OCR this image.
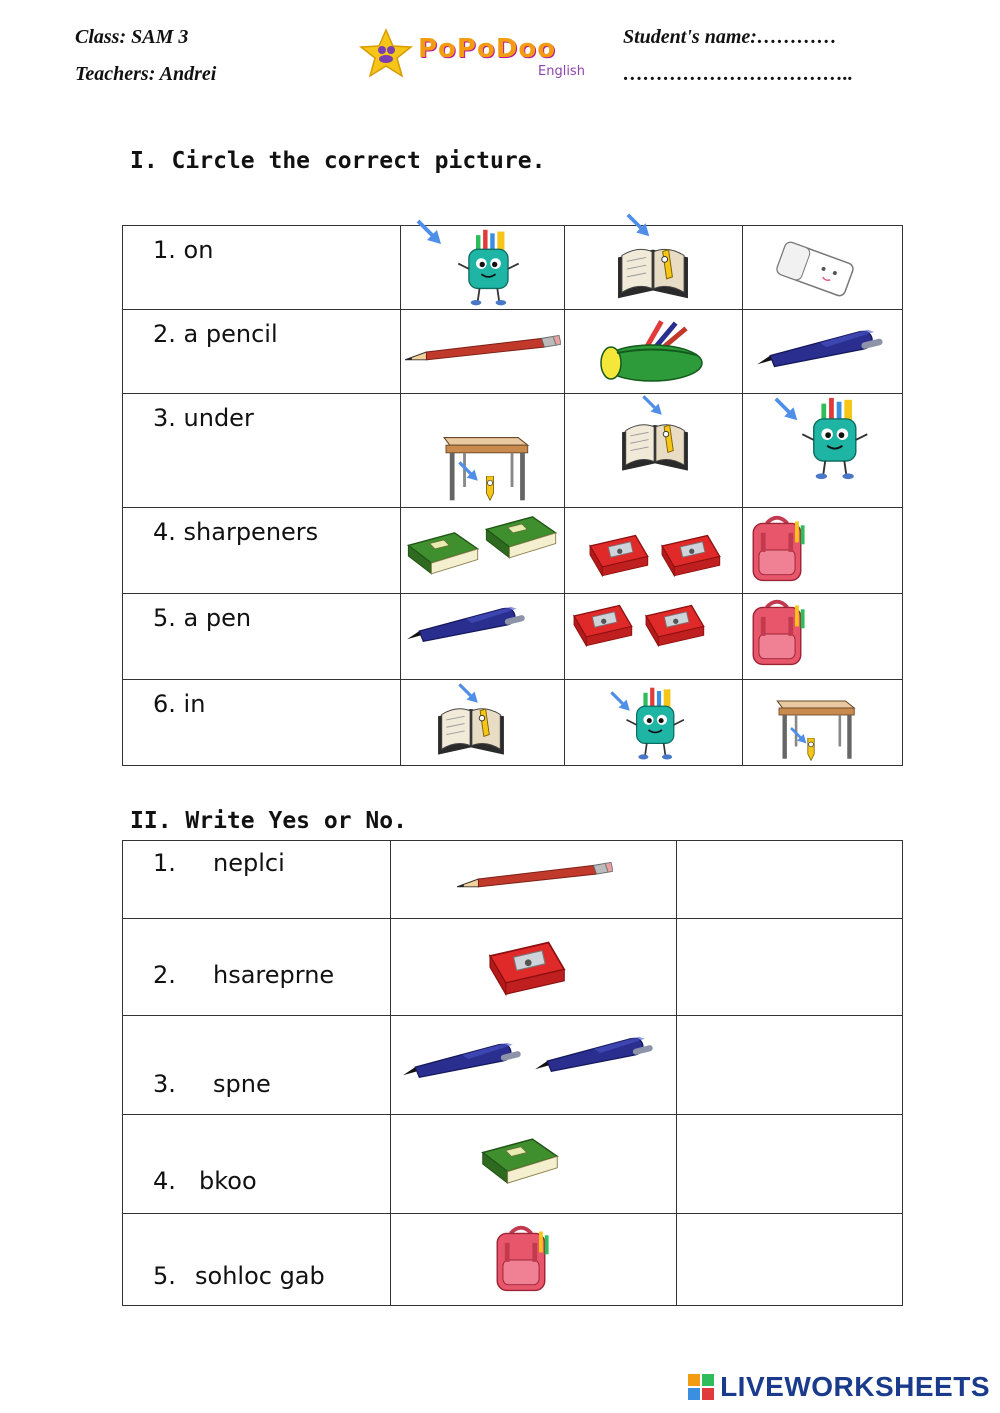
Class: SAM 3
Teachers: Andrei
Student's name:…………
……………………………..
PoPoDoo
English
I. Circle the correct picture.
1. on

2. a pencil

3. under

4. sharpeners

5. a pen

6. in

II. Write Yes or No.
1. neplci

2. hsareprne

3. spne

4. bkoo

5. sohloc gab

LIVEWORKSHEETS
